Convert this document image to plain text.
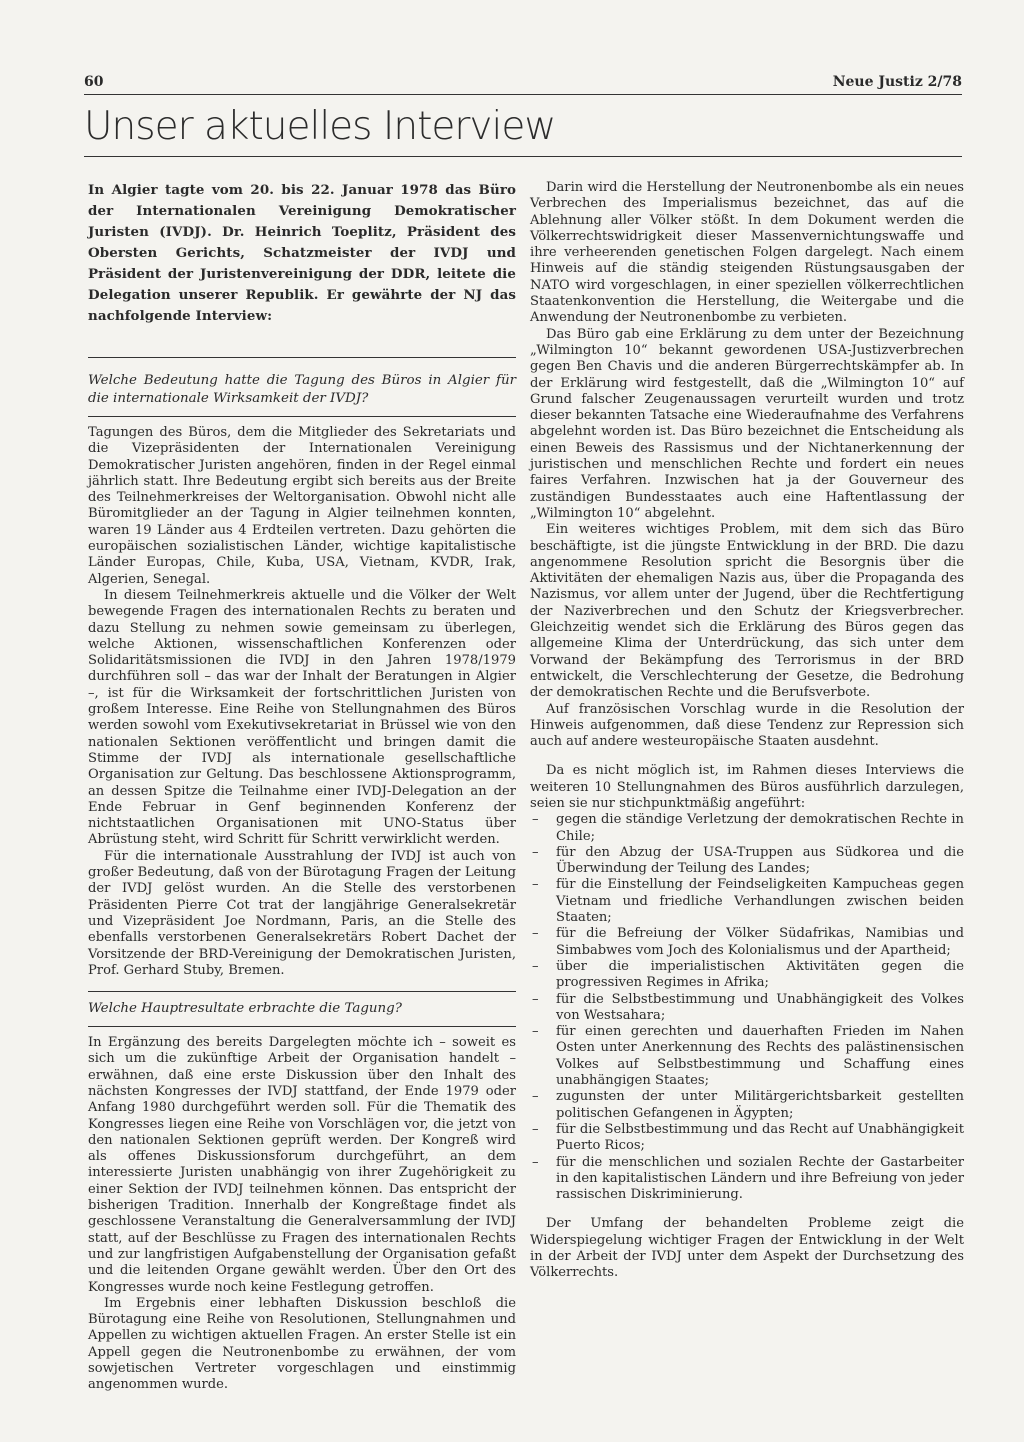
60	Neue Justiz 2/78
Unser aktuelles Interview

In Algier tagte vom 20. bis 22. Januar 1978 das Büro der Internationalen Vereinigung Demokratischer Juristen (IVDJ). Dr. Heinrich Toeplitz, Präsident des Obersten Gerichts, Schatzmeister der IVDJ und Präsident der Juristenvereinigung der DDR, leitete die Delegation unserer Republik. Er gewährte der NJ das nachfolgende Interview:

Welche Bedeutung hatte die Tagung des Büros in Algier für die internationale Wirksamkeit der IVDJ?

Tagungen des Büros, dem die Mitglieder des Sekretariats und die Vizepräsidenten der Internationalen Vereinigung Demokratischer Juristen angehören, finden in der Regel einmal jährlich statt. Ihre Bedeutung ergibt sich bereits aus der Breite des Teilnehmerkreises der Weltorganisation. Obwohl nicht alle Büromitglieder an der Tagung in Algier teilnehmen konnten, waren 19 Länder aus 4 Erdteilen vertreten. Dazu gehörten die europäischen sozialistischen Länder, wichtige kapitalistische Länder Europas, Chile, Kuba, USA, Vietnam, KVDR, Irak, Algerien, Senegal.

In diesem Teilnehmerkreis aktuelle und die Völker der Welt bewegende Fragen des internationalen Rechts zu beraten und dazu Stellung zu nehmen sowie gemeinsam zu überlegen, welche Aktionen, wissenschaftlichen Konferenzen oder Solidaritätsmissionen die IVDJ in den Jahren 1978/1979 durchführen soll – das war der Inhalt der Beratungen in Algier –, ist für die Wirksamkeit der fortschrittlichen Juristen von großem Interesse. Eine Reihe von Stellungnahmen des Büros werden sowohl vom Exekutivsekretariat in Brüssel wie von den nationalen Sektionen veröffentlicht und bringen damit die Stimme der IVDJ als internationale gesellschaftliche Organisation zur Geltung. Das beschlossene Aktionsprogramm, an dessen Spitze die Teilnahme einer IVDJ-Delegation an der Ende Februar in Genf beginnenden Konferenz der nichtstaatlichen Organisationen mit UNO-Status über Abrüstung steht, wird Schritt für Schritt verwirklicht werden.

Für die internationale Ausstrahlung der IVDJ ist auch von großer Bedeutung, daß von der Bürotagung Fragen der Leitung der IVDJ gelöst wurden. An die Stelle des verstorbenen Präsidenten Pierre Cot trat der langjährige Generalsekretär und Vizepräsident Joe Nordmann, Paris, an die Stelle des ebenfalls verstorbenen Generalsekretärs Robert Dachet der Vorsitzende der BRD-Vereinigung der Demokratischen Juristen, Prof. Gerhard Stuby, Bremen.

Welche Hauptresultate erbrachte die Tagung?

In Ergänzung des bereits Dargelegten möchte ich – soweit es sich um die zukünftige Arbeit der Organisation handelt – erwähnen, daß eine erste Diskussion über den Inhalt des nächsten Kongresses der IVDJ stattfand, der Ende 1979 oder Anfang 1980 durchgeführt werden soll. Für die Thematik des Kongresses liegen eine Reihe von Vorschlägen vor, die jetzt von den nationalen Sektionen geprüft werden. Der Kongreß wird als offenes Diskussionsforum durchgeführt, an dem interessierte Juristen unabhängig von ihrer Zugehörigkeit zu einer Sektion der IVDJ teilnehmen können. Das entspricht der bisherigen Tradition. Innerhalb der Kongreßtage findet als geschlossene Veranstaltung die Generalversammlung der IVDJ statt, auf der Beschlüsse zu Fragen des internationalen Rechts und zur langfristigen Aufgabenstellung der Organisation gefaßt und die leitenden Organe gewählt werden. Über den Ort des Kongresses wurde noch keine Festlegung getroffen.

Im Ergebnis einer lebhaften Diskussion beschloß die Bürotagung eine Reihe von Resolutionen, Stellungnahmen und Appellen zu wichtigen aktuellen Fragen. An erster Stelle ist ein Appell gegen die Neutronenbombe zu erwähnen, der vom sowjetischen Vertreter vorgeschlagen und einstimmig angenommen wurde.

Darin wird die Herstellung der Neutronenbombe als ein neues Verbrechen des Imperialismus bezeichnet, das auf die Ablehnung aller Völker stößt. In dem Dokument werden die Völkerrechtswidrigkeit dieser Massenvernichtungswaffe und ihre verheerenden genetischen Folgen dargelegt. Nach einem Hinweis auf die ständig steigenden Rüstungsausgaben der NATO wird vorgeschlagen, in einer speziellen völkerrechtlichen Staatenkonvention die Herstellung, die Weitergabe und die Anwendung der Neutronenbombe zu verbieten.

Das Büro gab eine Erklärung zu dem unter der Bezeichnung „Wilmington 10“ bekannt gewordenen USA-Justizverbrechen gegen Ben Chavis und die anderen Bürgerrechtskämpfer ab. In der Erklärung wird festgestellt, daß die „Wilmington 10“ auf Grund falscher Zeugenaussagen verurteilt wurden und trotz dieser bekannten Tatsache eine Wiederaufnahme des Verfahrens abgelehnt worden ist. Das Büro bezeichnet die Entscheidung als einen Beweis des Rassismus und der Nichtanerkennung der juristischen und menschlichen Rechte und fordert ein neues faires Verfahren. Inzwischen hat ja der Gouverneur des zuständigen Bundesstaates auch eine Haftentlassung der „Wilmington 10“ abgelehnt.

Ein weiteres wichtiges Problem, mit dem sich das Büro beschäftigte, ist die jüngste Entwicklung in der BRD. Die dazu angenommene Resolution spricht die Besorgnis über die Aktivitäten der ehemaligen Nazis aus, über die Propaganda des Nazismus, vor allem unter der Jugend, über die Rechtfertigung der Naziverbrechen und den Schutz der Kriegsverbrecher. Gleichzeitig wendet sich die Erklärung des Büros gegen das allgemeine Klima der Unterdrückung, das sich unter dem Vorwand der Bekämpfung des Terrorismus in der BRD entwickelt, die Verschlechterung der Gesetze, die Bedrohung der demokratischen Rechte und die Berufsverbote.

Auf französischen Vorschlag wurde in die Resolution der Hinweis aufgenommen, daß diese Tendenz zur Repression sich auch auf andere westeuropäische Staaten ausdehnt.

Da es nicht möglich ist, im Rahmen dieses Interviews die weiteren 10 Stellungnahmen des Büros ausführlich darzulegen, seien sie nur stichpunktmäßig angeführt:

– gegen die ständige Verletzung der demokratischen Rechte in Chile;
– für den Abzug der USA-Truppen aus Südkorea und die Überwindung der Teilung des Landes;
– für die Einstellung der Feindseligkeiten Kampucheas gegen Vietnam und friedliche Verhandlungen zwischen beiden Staaten;
– für die Befreiung der Völker Südafrikas, Namibias und Simbabwes vom Joch des Kolonialismus und der Apartheid;
– über die imperialistischen Aktivitäten gegen die progressiven Regimes in Afrika;
– für die Selbstbestimmung und Unabhängigkeit des Volkes von Westsahara;
– für einen gerechten und dauerhaften Frieden im Nahen Osten unter Anerkennung des Rechts des palästinensischen Volkes auf Selbstbestimmung und Schaffung eines unabhängigen Staates;
– zugunsten der unter Militärgerichtsbarkeit gestellten politischen Gefangenen in Ägypten;
– für die Selbstbestimmung und das Recht auf Unabhängigkeit Puerto Ricos;
– für die menschlichen und sozialen Rechte der Gastarbeiter in den kapitalistischen Ländern und ihre Befreiung von jeder rassischen Diskriminierung.

Der Umfang der behandelten Probleme zeigt die Widerspiegelung wichtiger Fragen der Entwicklung in der Welt in der Arbeit der IVDJ unter dem Aspekt der Durchsetzung des Völkerrechts.
